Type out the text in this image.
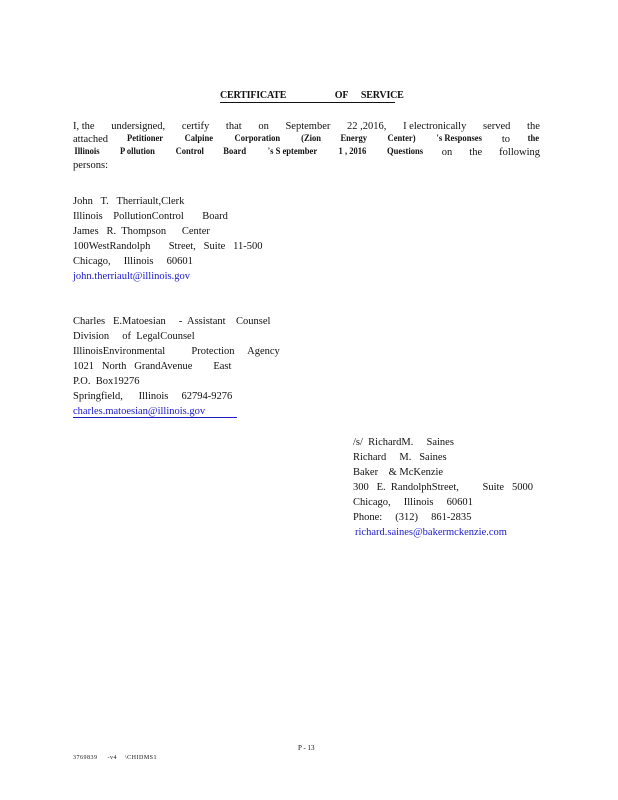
CERTIFICATE	OF SERVICE
I, the undersigned, certify that on September 22 ,2016, I electronically served the
attached Petitioner Calpine Corporation (Zion Energy Center) 's Responses to the
Illinois P ollution Control Board 's S eptember 1 , 2016 Questions on the following
persons:
John   T.   Therriault,Clerk
Illinois    PollutionControl       Board
James   R.  Thompson      Center
100WestRandolph       Street,   Suite   11-500
Chicago,     Illinois     60601
john.therriault@illinois.gov
Charles   E.Matoesian     -  Assistant    Counsel
Division     of  LegalCounsel
IllinoisEnvironmental          Protection     Agency
1021   North   GrandAvenue        East
P.O.  Box19276
Springfield,      Illinois     62794-9276
charles.matoesian@illinois.gov
/s/  RichardM.     Saines
Richard     M.   Saines
Baker    & McKenzie
300   E.  RandolphStreet,         Suite   5000
Chicago,     Illinois     60601
Phone:     (312)     861-2835
richard.saines@bakermckenzie.com
P - 13
3769839     -v4    \CHIDMS1
